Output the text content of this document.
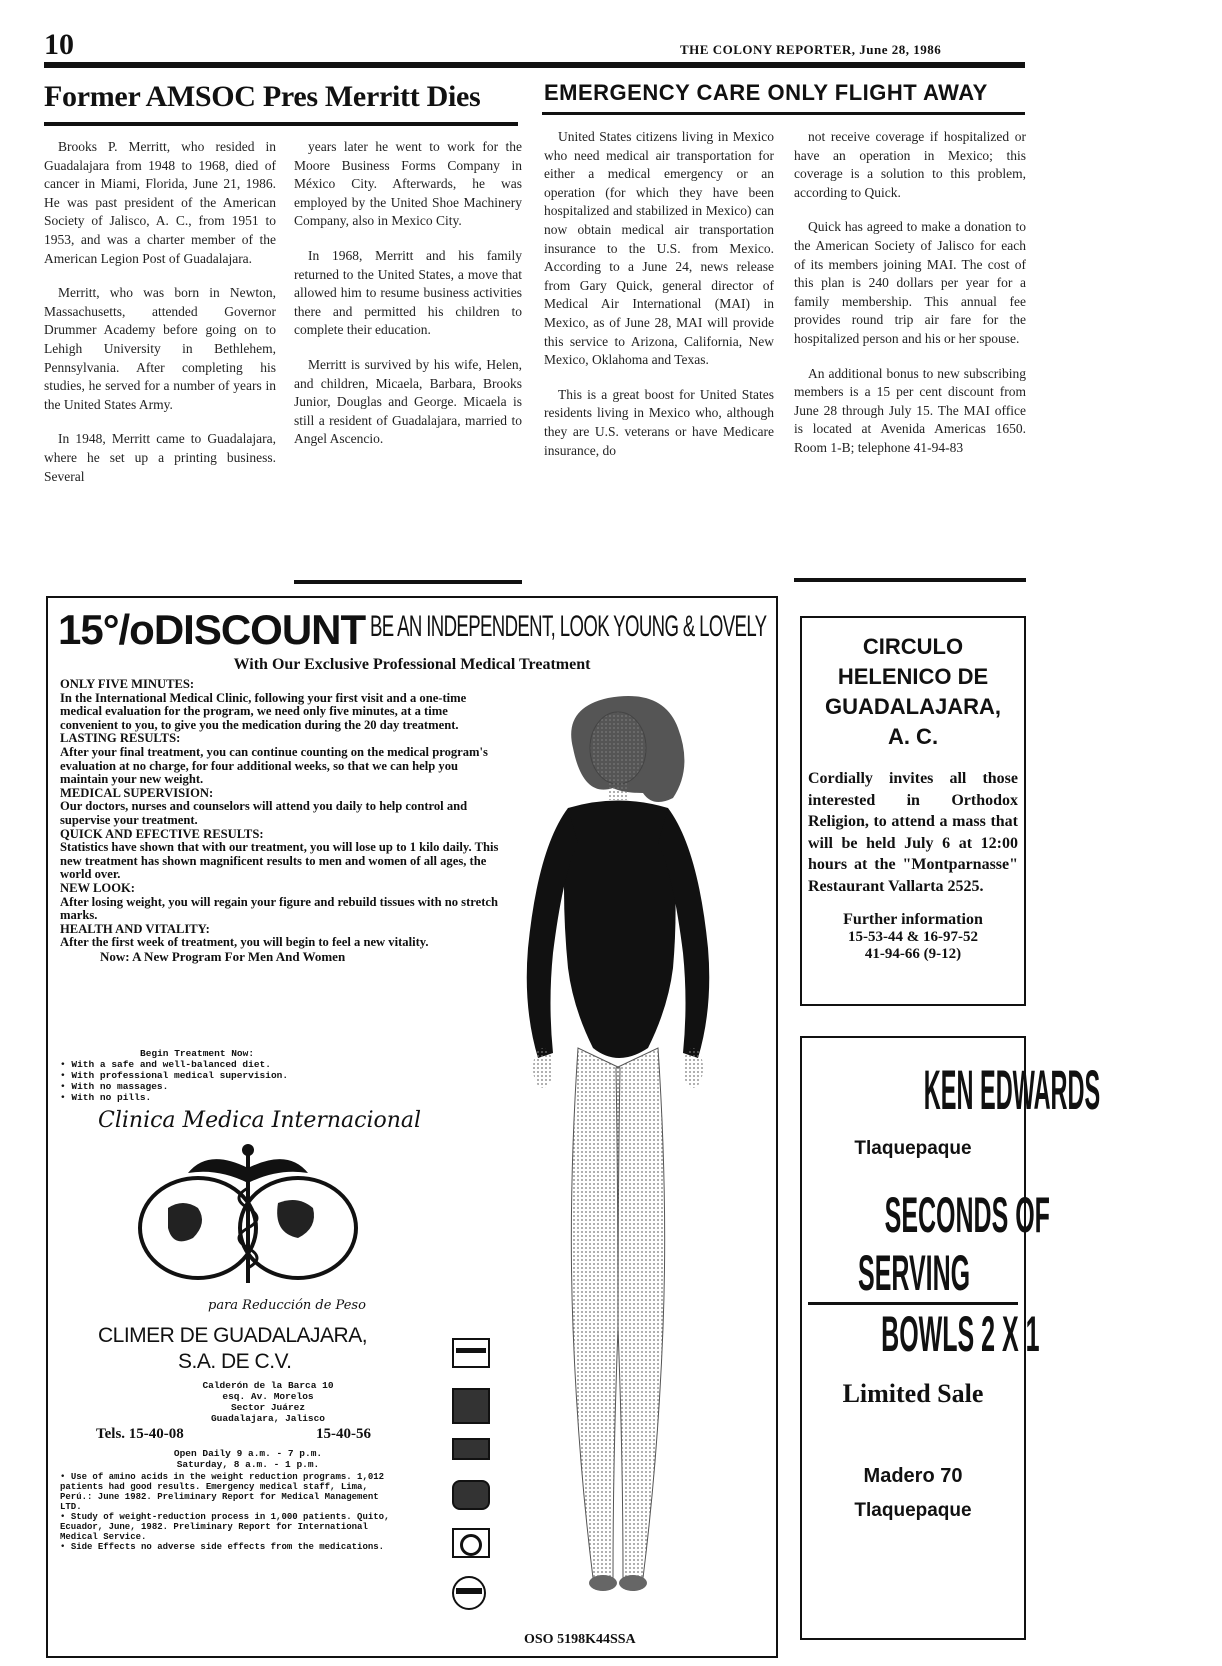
10	THE COLONY REPORTER, June 28, 1986
Former AMSOC Pres Merritt Dies

Brooks P. Merritt, who resided in Guadalajara from 1948 to 1968, died of cancer in Miami, Florida, June 21, 1986. He was past president of the American Society of Jalisco, A. C., from 1951 to 1953, and was a charter member of the American Legion Post of Guadalajara.

Merritt, who was born in Newton, Massachusetts, attended Governor Drummer Academy before going on to Lehigh University in Bethlehem, Pennsylvania. After completing his studies, he served for a number of years in the United States Army.

In 1948, Merritt came to Guadalajara, where he set up a printing business. Several

years later he went to work for the Moore Business Forms Company in México City. Afterwards, he was employed by the United Shoe Machinery Company, also in Mexico City.

In 1968, Merritt and his family returned to the United States, a move that allowed him to resume business activities there and permitted his children to complete their education.

Merritt is survived by his wife, Helen, and children, Micaela, Barbara, Brooks Junior, Douglas and George. Micaela is still a resident of Guadalajara, married to Angel Ascencio.

EMERGENCY CARE ONLY FLIGHT AWAY

United States citizens living in Mexico who need medical air transportation for either a medical emergency or an operation (for which they have been hospitalized and stabilized in Mexico) can now obtain medical air transportation insurance to the U.S. from Mexico. According to a June 24, news release from Gary Quick, general director of Medical Air International (MAI) in Mexico, as of June 28, MAI will provide this service to Arizona, California, New Mexico, Oklahoma and Texas.

This is a great boost for United States residents living in Mexico who, although they are U.S. veterans or have Medicare insurance, do

not receive coverage if hospitalized or have an operation in Mexico; this coverage is a solution to this problem, according to Quick.

Quick has agreed to make a donation to the American Society of Jalisco for each of its members joining MAI. The cost of this plan is 240 dollars per year for a family membership. This annual fee provides round trip air fare for the hospitalized person and his or her spouse.

An additional bonus to new subscribing members is a 15 per cent discount from June 28 through July 15. The MAI office is located at Avenida Americas 1650. Room 1-B; telephone 41-94-83

15°/oDISCOUNT BE AN INDEPENDENT, LOOK YOUNG & LOVELY
With Our Exclusive Professional Medical Treatment
ONLY FIVE MINUTES:
In the International Medical Clinic, following your first visit and a one-time medical evaluation for the program, we need only five minutes, at a time convenient to you, to give you the medication during the 20 day treatment.
LASTING RESULTS:
After your final treatment, you can continue counting on the medical program's evaluation at no charge, for four additional weeks, so that we can help you maintain your new weight.
MEDICAL SUPERVISION:
Our doctors, nurses and counselors will attend you daily to help control and supervise your treatment.
QUICK AND EFECTIVE RESULTS:
Statistics have shown that with our treatment, you will lose up to 1 kilo daily. This new treatment has shown magnificent results to men and women of all ages, the world over.
NEW LOOK:
After losing weight, you will regain your figure and rebuild tissues with no stretch marks.
HEALTH AND VITALITY:
After the first week of treatment, you will begin to feel a new vitality.
Now: A New Program For Men And Women
Begin Treatment Now:
• With a safe and well-balanced diet.
• With professional medical supervision.
• With no massages.
• With no pills.
Clinica Medica Internacional
para Reducción de Peso
CLIMER DE GUADALAJARA,
S.A. DE C.V.
Calderón de la Barca 10
esq. Av. Morelos
Sector Juárez
Guadalajara, Jalisco
Tels. 15-40-08	15-40-56
Open Daily 9 a.m. - 7 p.m.
Saturday, 8 a.m. - 1 p.m.
• Use of amino acids in the weight reduction programs. 1,012 patients had good results. Emergency medical staff, Lima, Perú.: June 1982. Preliminary Report for Medical Management LTD.
• Study of weight-reduction process in 1,000 patients. Quito, Ecuador, June, 1982. Preliminary Report for International Medical Service.
• Side Effects no adverse side effects from the medications.
OSO 5198K44SSA
CIRCULO
HELENICO DE
GUADALAJARA,
A. C.
Cordially invites all those interested in Orthodox Religion, to attend a mass that will be held July 6 at 12:00 hours at the "Montparnasse" Restaurant Vallarta 2525.
Further information
15-53-44 & 16-97-52
41-94-66 (9-12)
KEN EDWARDS
Tlaquepaque
SECONDS OF
SERVING
BOWLS 2 X 1
Limited Sale
Madero 70
Tlaquepaque
